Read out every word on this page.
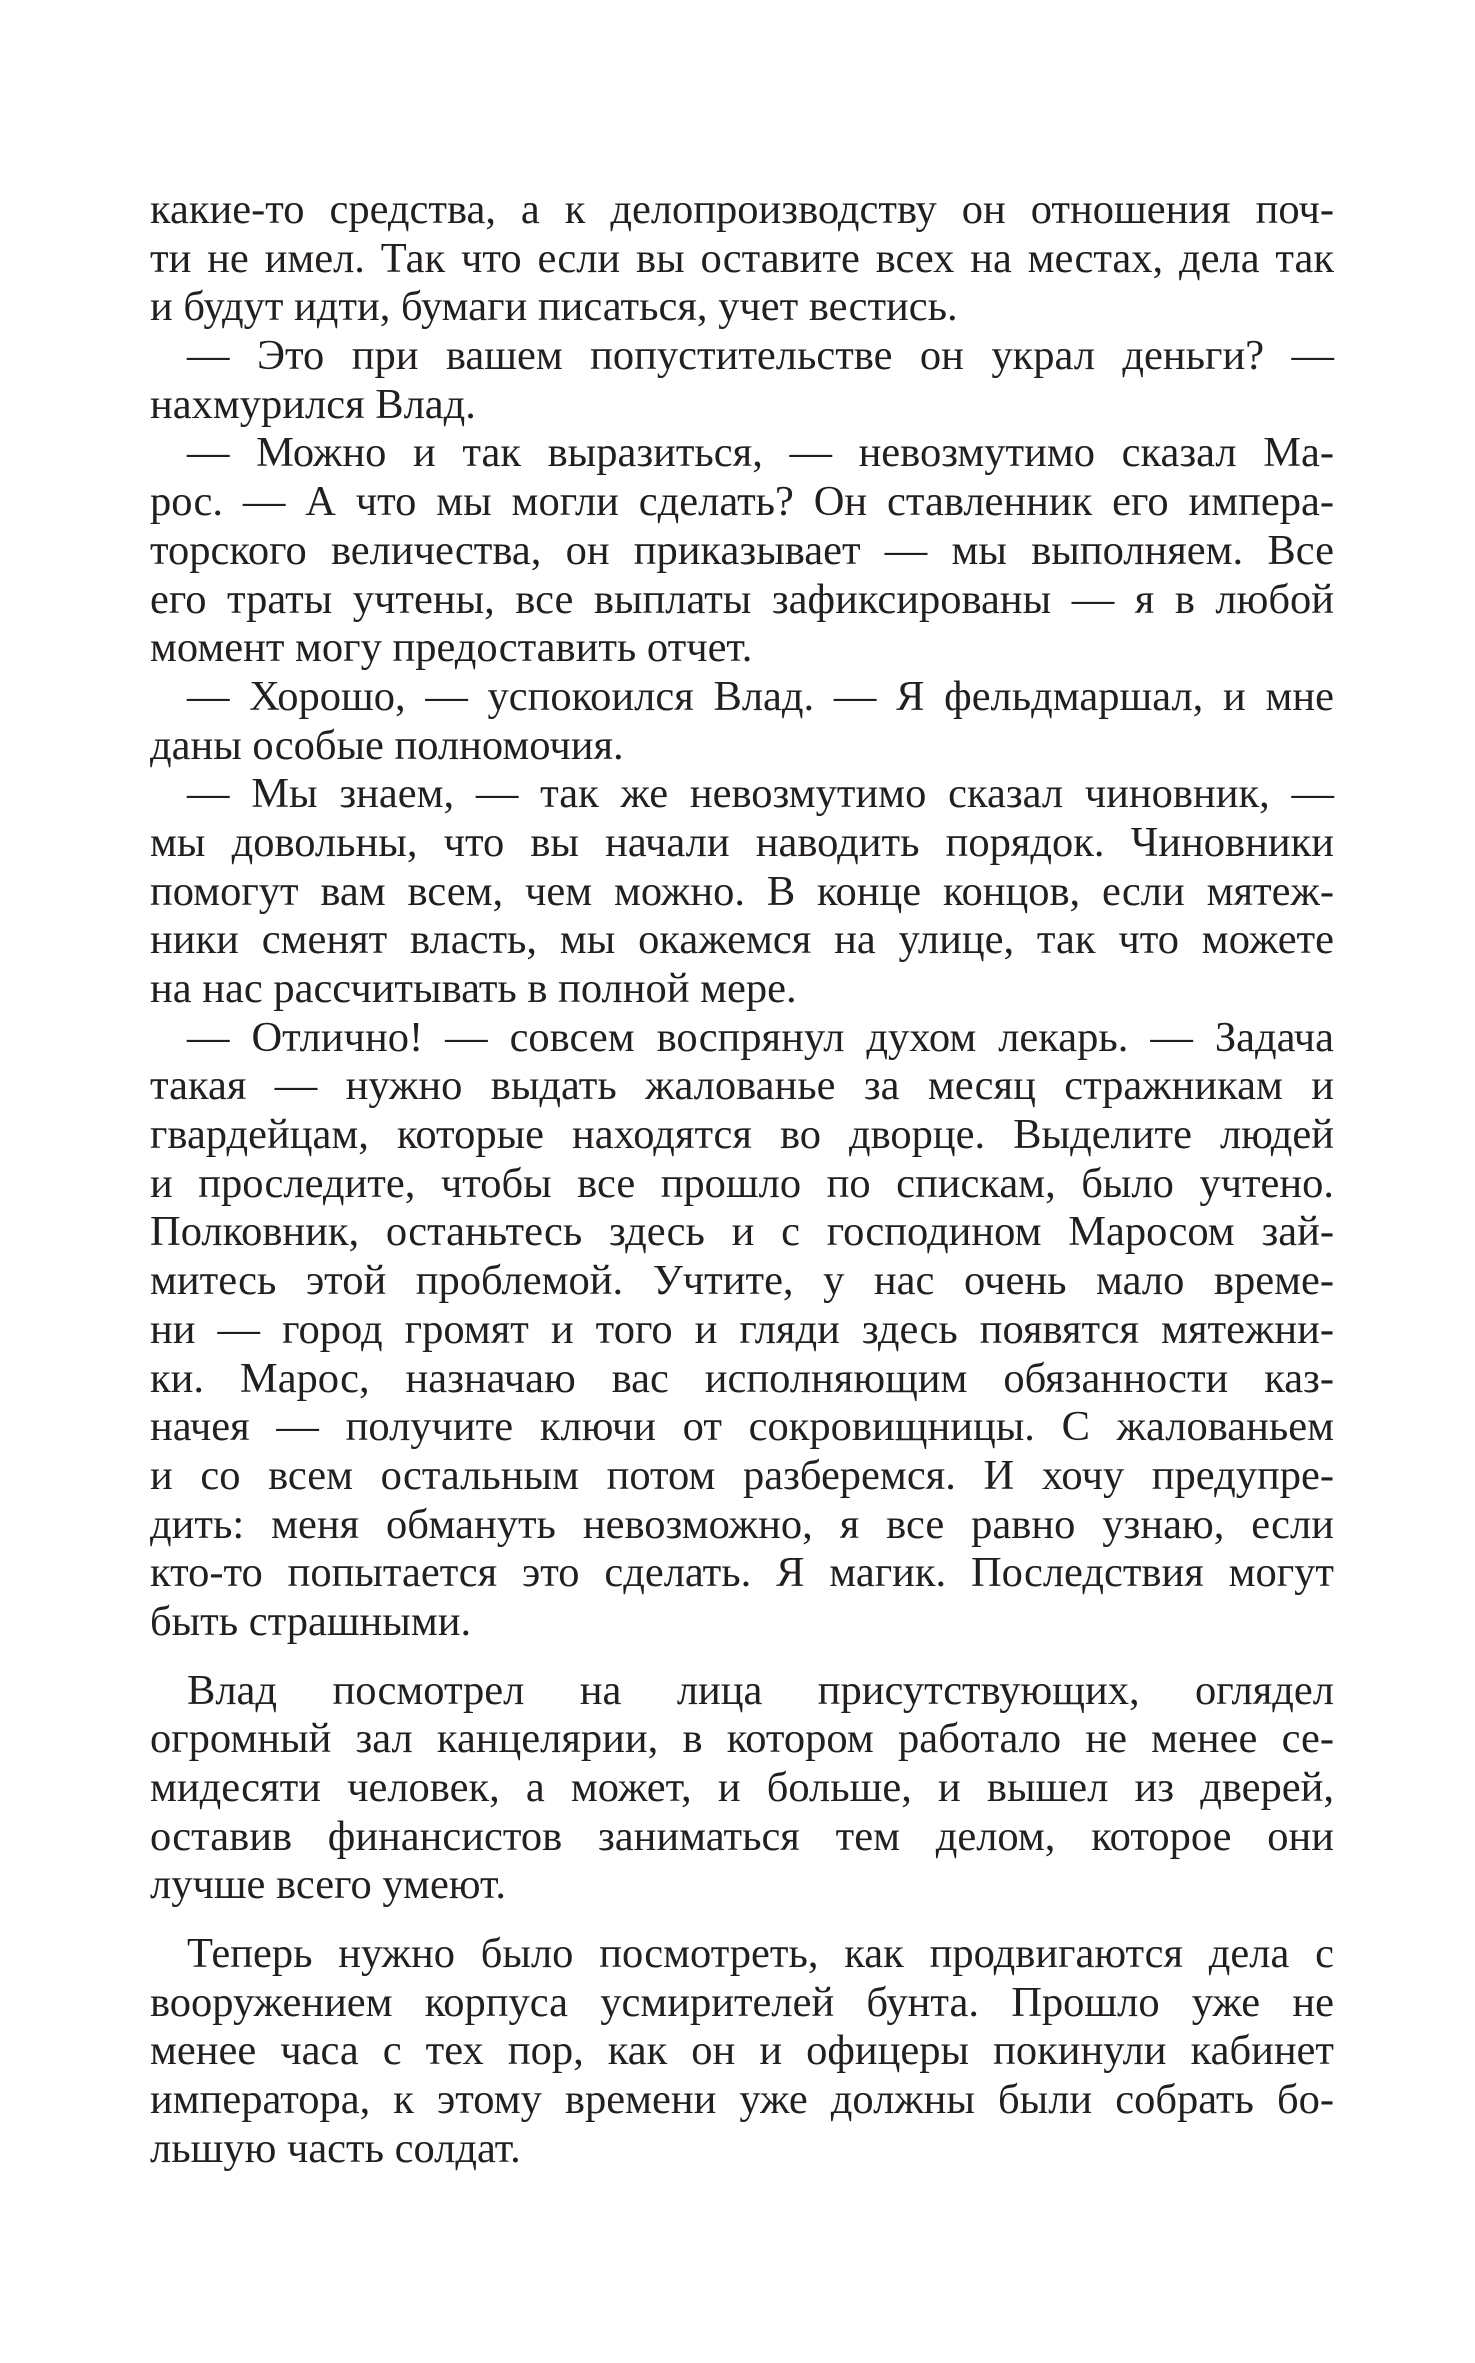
какие-то средства, а к делопроизводству он отношения поч-
ти не имел. Так что если вы оставите всех на местах, дела так
и будут идти, бумаги писаться, учет вестись.
— Это при вашем попустительстве он украл деньги? —
нахмурился Влад.
— Можно и так выразиться, — невозмутимо сказал Ма-
рос. — А что мы могли сделать? Он ставленник его импера-
торского величества, он приказывает — мы выполняем. Все
его траты учтены, все выплаты зафиксированы — я в любой
момент могу предоставить отчет.
— Хорошо, — успокоился Влад. — Я фельдмаршал, и мне
даны особые полномочия.
— Мы знаем, — так же невозмутимо сказал чиновник, —
мы довольны, что вы начали наводить порядок. Чиновники
помогут вам всем, чем можно. В конце концов, если мятеж-
ники сменят власть, мы окажемся на улице, так что можете
на нас рассчитывать в полной мере.
— Отлично! — совсем воспрянул духом лекарь. — Задача
такая — нужно выдать жалованье за месяц стражникам и
гвардейцам, которые находятся во дворце. Выделите людей
и проследите, чтобы все прошло по спискам, было учтено.
Полковник, останьтесь здесь и с господином Маросом зай-
митесь этой проблемой. Учтите, у нас очень мало време-
ни — город громят и того и гляди здесь появятся мятежни-
ки. Марос, назначаю вас исполняющим обязанности каз-
начея — получите ключи от сокровищницы. С жалованьем
и со всем остальным потом разберемся. И хочу предупре-
дить: меня обмануть невозможно, я все равно узнаю, если
кто-то попытается это сделать. Я магик. Последствия могут
быть страшными.
Влад посмотрел на лица присутствующих, оглядел
огромный зал канцелярии, в котором работало не менее се-
мидесяти человек, а может, и больше, и вышел из дверей,
оставив финансистов заниматься тем делом, которое они
лучше всего умеют.
Теперь нужно было посмотреть, как продвигаются дела с
вооружением корпуса усмирителей бунта. Прошло уже не
менее часа с тех пор, как он и офицеры покинули кабинет
императора, к этому времени уже должны были собрать бо-
льшую часть солдат.
